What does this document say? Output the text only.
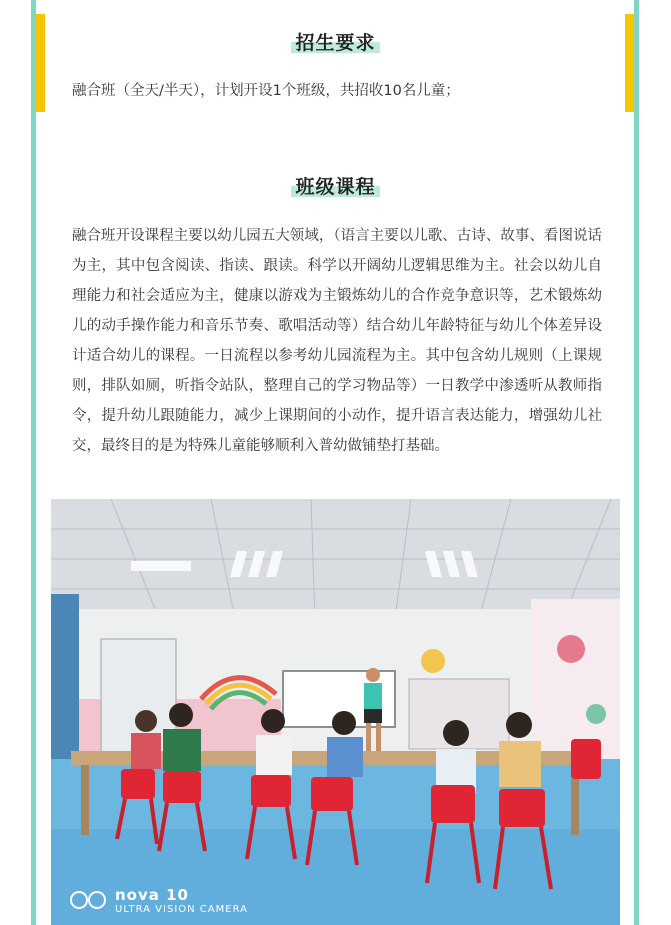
招生要求
融合班（全天/半天），计划开设1个班级，共招收10名儿童；
班级课程
融合班开设课程主要以幼儿园五大领域，（语言主要以儿歌、古诗、故事、看图说话为主，其中包含阅读、指读、跟读。科学以开阔幼儿逻辑思维为主。社会以幼儿自理能力和社会适应为主，健康以游戏为主锻炼幼儿的合作竞争意识等，艺术锻炼幼儿的动手操作能力和音乐节奏、歌唱活动等）结合幼儿年龄特征与幼儿个体差异设计适合幼儿的课程。一日流程以参考幼儿园流程为主。其中包含幼儿规则（上课规则，排队如厕，听指令站队，整理自己的学习物品等）一日教学中渗透听从教师指令，提升幼儿跟随能力，减少上课期间的小动作，提升语言表达能力，增强幼儿社交，最终目的是为特殊儿童能够顺利入普幼做铺垫打基础。
nova 10
ULTRA VISION CAMERA
